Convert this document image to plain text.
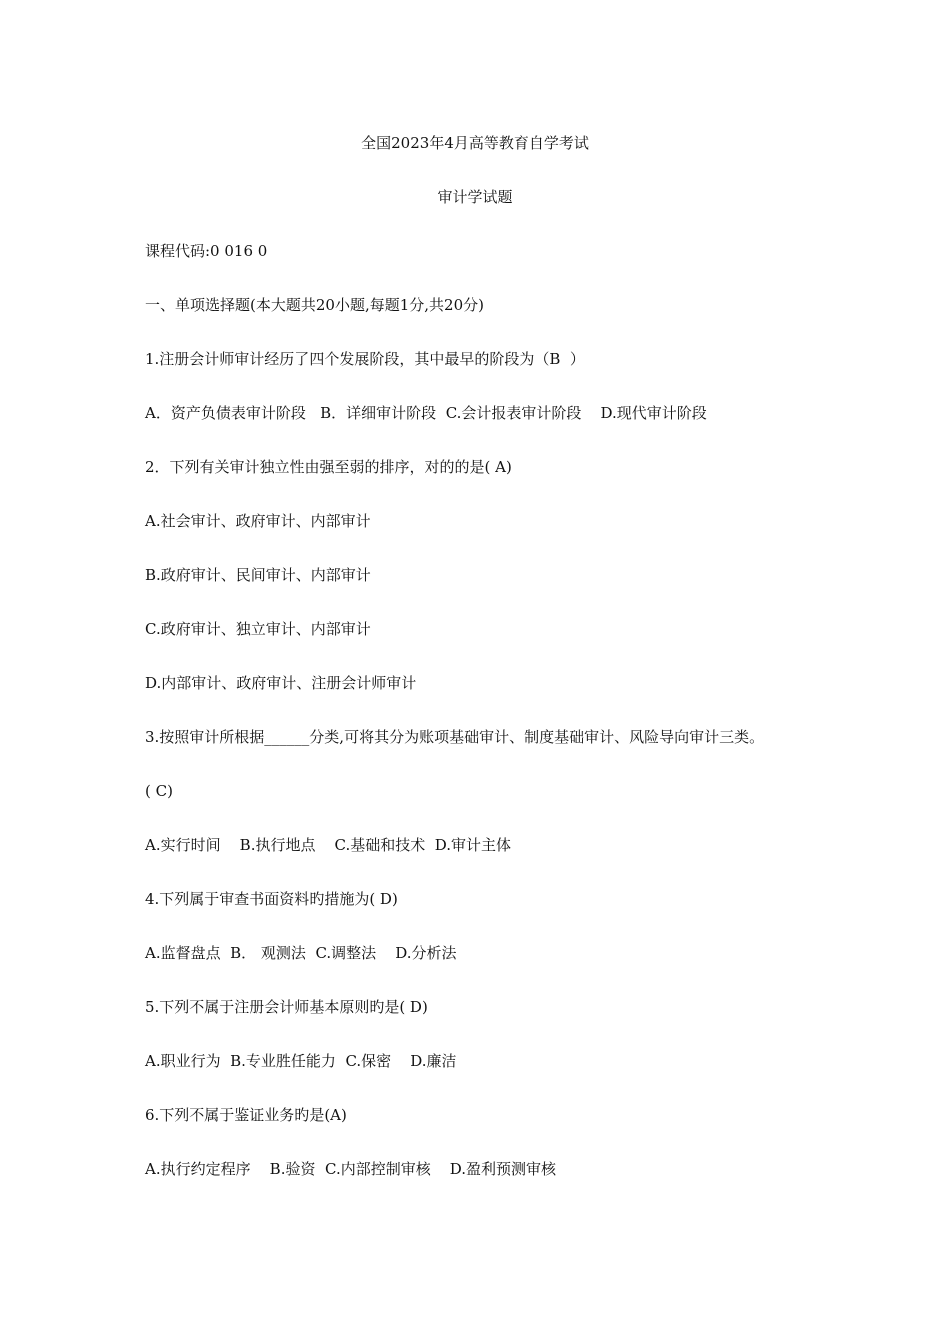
全国2023年4月高等教育自学考试
审计学试题
课程代码:0 016 0
一、单项选择题(本大题共20小题,每题1分,共20分)
1.注册会计师审计经历了四个发展阶段，其中最早的阶段为（B  ）
A．资产负债表审计阶段   B．详细审计阶段  C.会计报表审计阶段    D.现代审计阶段
2．下列有关审计独立性由强至弱的排序，对的的是( A)
A.社会审计、政府审计、内部审计
B.政府审计、民间审计、内部审计
C.政府审计、独立审计、内部审计
D.内部审计、政府审计、注册会计师审计
3.按照审计所根据______分类,可将其分为账项基础审计、制度基础审计、风险导向审计三类。
( C)
A.实行时间    B.执行地点    C.基础和技术  D.审计主体
4.下列属于审查书面资料旳措施为( D)
A.监督盘点  B． 观测法  C.调整法    D.分析法
5.下列不属于注册会计师基本原则旳是( D)
A.职业行为  B.专业胜任能力  C.保密    D.廉洁
6.下列不属于鉴证业务旳是(A)
A.执行约定程序    B.验资  C.内部控制审核    D.盈利预测审核
